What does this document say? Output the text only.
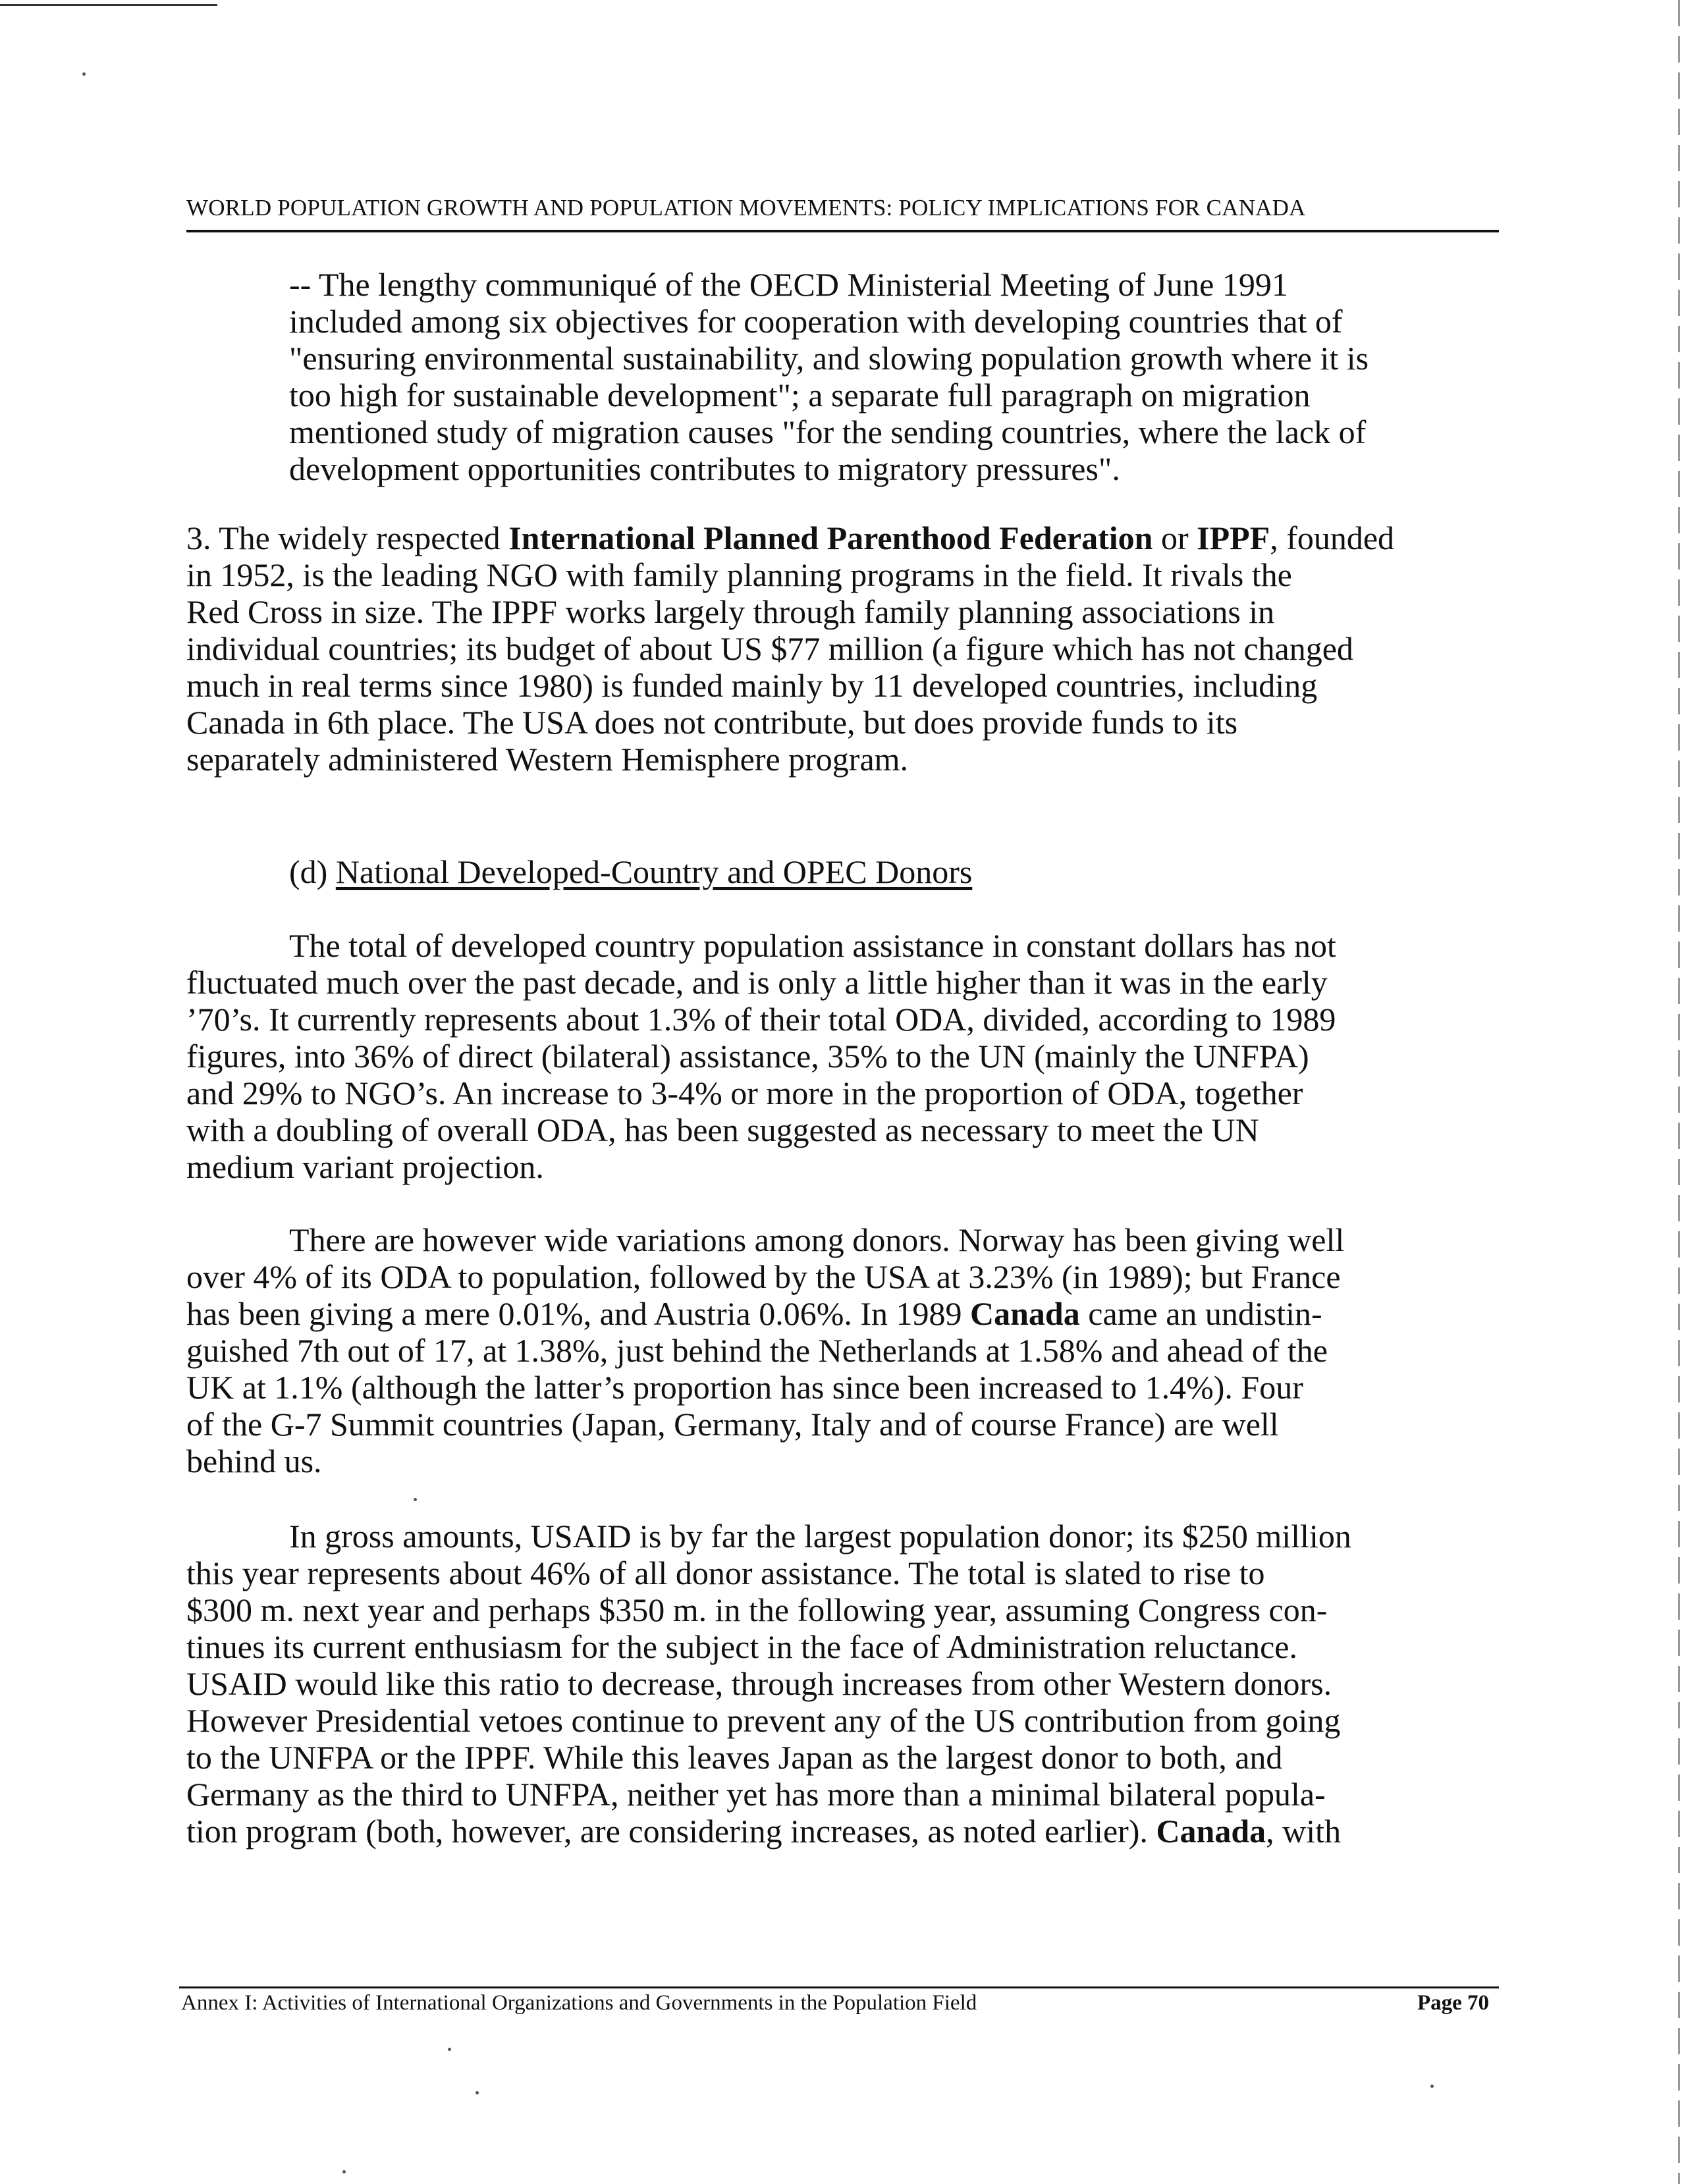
WORLD POPULATION GROWTH AND POPULATION MOVEMENTS: POLICY IMPLICATIONS FOR CANADA
-- The lengthy communiqué of the OECD Ministerial Meeting of June 1991
included among six objectives for cooperation with developing countries that of
"ensuring environmental sustainability, and slowing population growth where it is
too high for sustainable development"; a separate full paragraph on migration
mentioned study of migration causes "for the sending countries, where the lack of
development opportunities contributes to migratory pressures".
3. The widely respected International Planned Parenthood Federation or IPPF, founded
in 1952, is the leading NGO with family planning programs in the field. It rivals the
Red Cross in size. The IPPF works largely through family planning associations in
individual countries; its budget of about US $77 million (a figure which has not changed
much in real terms since 1980) is funded mainly by 11 developed countries, including
Canada in 6th place. The USA does not contribute, but does provide funds to its
separately administered Western Hemisphere program.
(d) National Developed-Country and OPEC Donors
The total of developed country population assistance in constant dollars has not
fluctuated much over the past decade, and is only a little higher than it was in the early
’70’s. It currently represents about 1.3% of their total ODA, divided, according to 1989
figures, into 36% of direct (bilateral) assistance, 35% to the UN (mainly the UNFPA)
and 29% to NGO’s. An increase to 3-4% or more in the proportion of ODA, together
with a doubling of overall ODA, has been suggested as necessary to meet the UN
medium variant projection.
There are however wide variations among donors. Norway has been giving well
over 4% of its ODA to population, followed by the USA at 3.23% (in 1989); but France
has been giving a mere 0.01%, and Austria 0.06%. In 1989 Canada came an undistin-
guished 7th out of 17, at 1.38%, just behind the Netherlands at 1.58% and ahead of the
UK at 1.1% (although the latter’s proportion has since been increased to 1.4%). Four
of the G-7 Summit countries (Japan, Germany, Italy and of course France) are well
behind us.
In gross amounts, USAID is by far the largest population donor; its $250 million
this year represents about 46% of all donor assistance. The total is slated to rise to
$300 m. next year and perhaps $350 m. in the following year, assuming Congress con-
tinues its current enthusiasm for the subject in the face of Administration reluctance.
USAID would like this ratio to decrease, through increases from other Western donors.
However Presidential vetoes continue to prevent any of the US contribution from going
to the UNFPA or the IPPF. While this leaves Japan as the largest donor to both, and
Germany as the third to UNFPA, neither yet has more than a minimal bilateral popula-
tion program (both, however, are considering increases, as noted earlier). Canada, with
Annex I: Activities of International Organizations and Governments in the Population Field	Page 70
